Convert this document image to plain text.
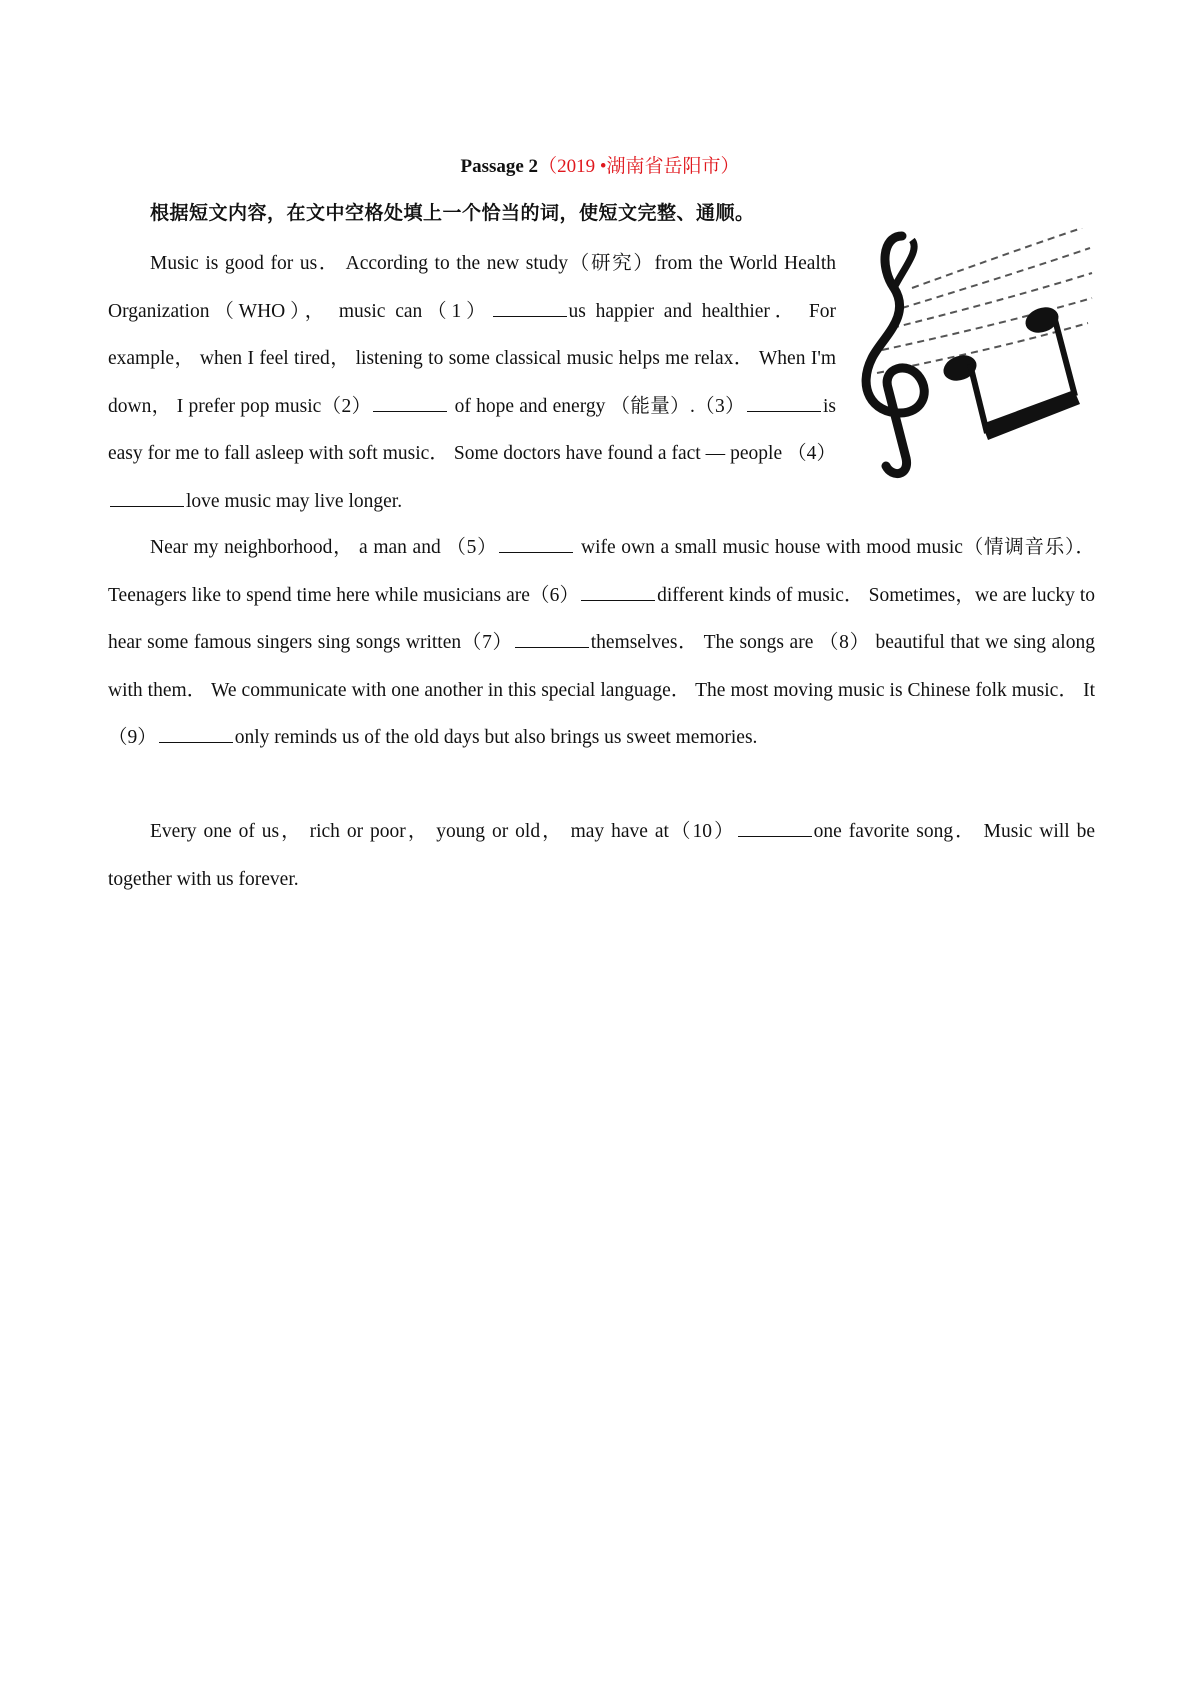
Passage 2（2019 •湖南省岳阳市）
根据短文内容，在文中空格处填上一个恰当的词，使短文完整、通顺。
Music is good for us． According to the new study（研究）from the World Health Organization（WHO）， music can（1）	us happier and healthier． For example， when I feel tired， listening to some classical music helps me relax． When I'm down， I prefer pop music（2）	of hope and energy （能量）.（3）	is easy for me to fall asleep with soft music． Some doctors have found a fact — people （4）love music may live longer.
Near my neighborhood， a man and （5）	wife own a small music house with mood music（情调音乐）． Teenagers like to spend time here while musicians are（6）	different kinds of music． Sometimes，we are lucky to hear some famous singers sing songs written（7）	themselves． The songs are （8） beautiful that we sing along with them． We communicate with one another in this special language． The most moving music is Chinese folk music． It（9）	only reminds us of the old days but also brings us sweet memories.
Every one of us， rich or poor， young or old， may have at（10）	one favorite song． Music will be together with us forever.
